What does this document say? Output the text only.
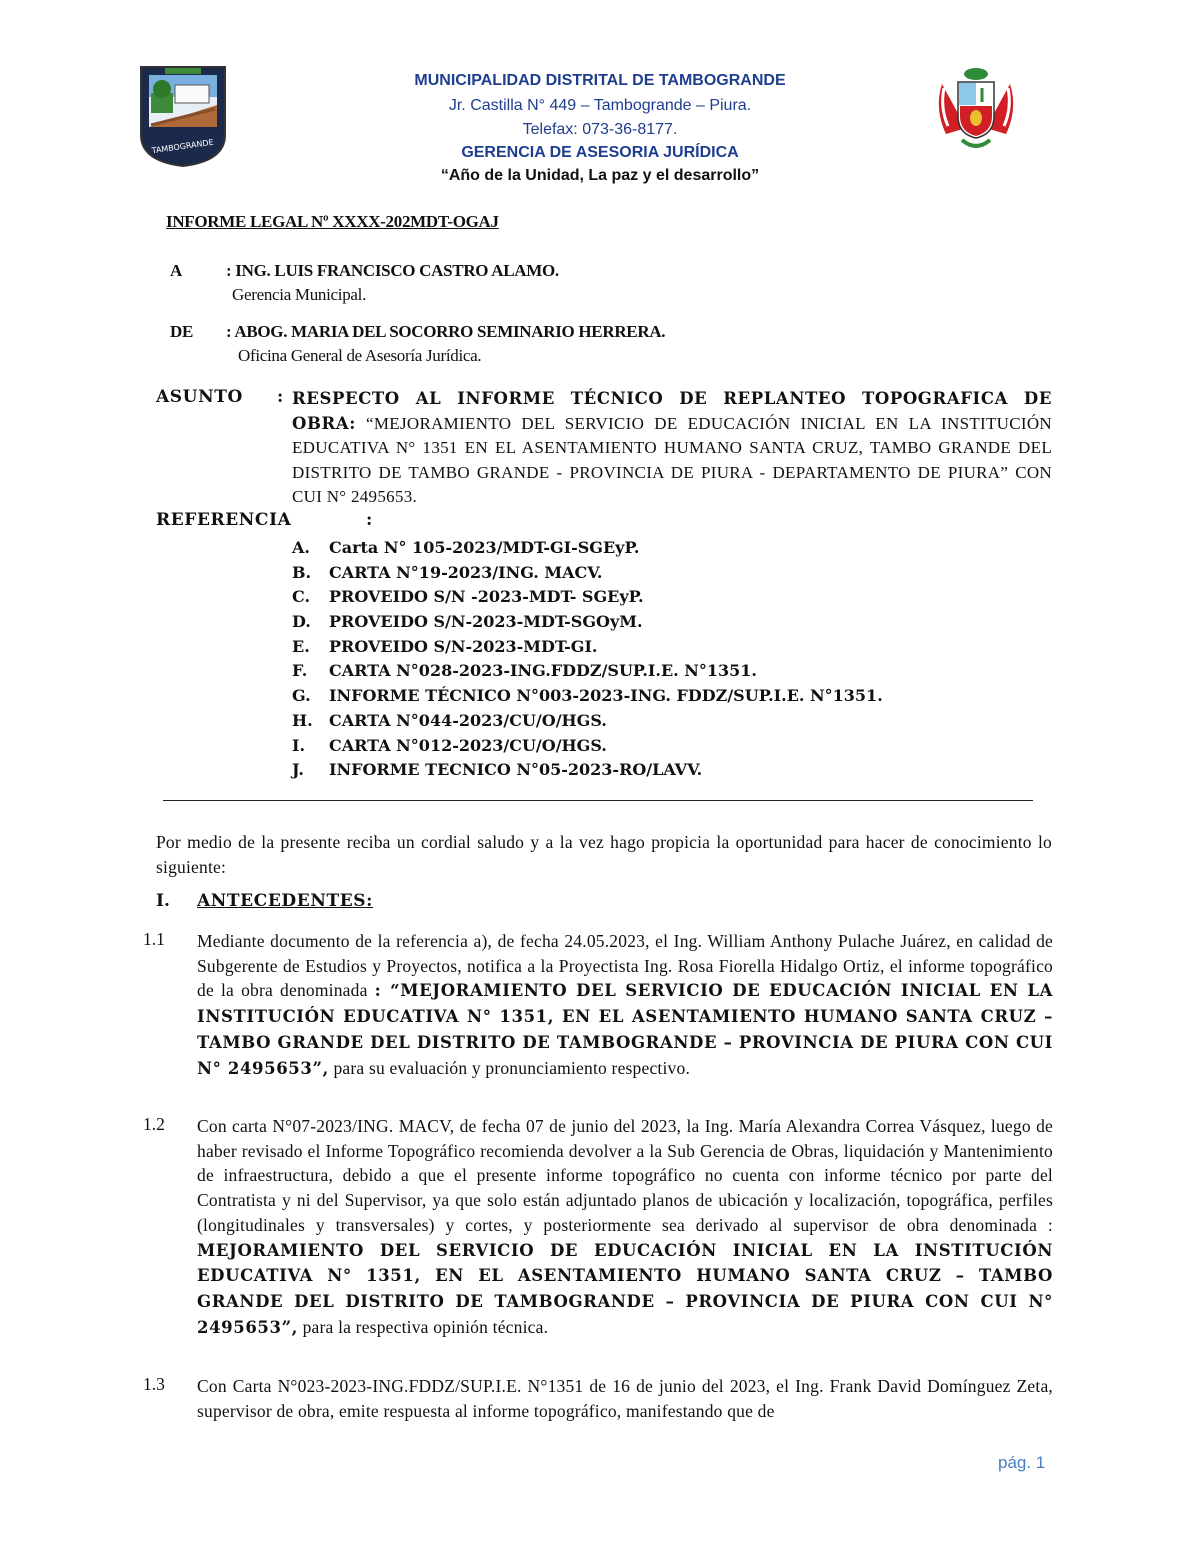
TAMBOGRANDE
MUNICIPALIDAD DISTRITAL DE TAMBOGRANDE
Jr. Castilla N° 449 – Tambogrande – Piura.
Telefax: 073-36-8177.
GERENCIA DE ASESORIA JURÍDICA
“Año de la Unidad, La paz y el desarrollo”
INFORME LEGAL Nº XXXX-202MDT-OGAJ
A	: ING. LUIS FRANCISCO CASTRO ALAMO.
Gerencia Municipal.
DE : ABOG. MARIA DEL SOCORRO SEMINARIO HERRERA.
Oficina General de Asesoría Jurídica.
ASUNTO : RESPECTO AL INFORME TÉCNICO DE REPLANTEO TOPOGRAFICA DE OBRA: “MEJORAMIENTO DEL SERVICIO DE EDUCACIÓN INICIAL EN LA INSTITUCIÓN EDUCATIVA N° 1351 EN EL ASENTAMIENTO HUMANO SANTA CRUZ, TAMBO GRANDE DEL DISTRITO DE TAMBO GRANDE - PROVINCIA DE PIURA - DEPARTAMENTO DE PIURA” CON CUI N° 2495653.
REFERENCIA	:
A. Carta N° 105-2023/MDT-GI-SGEyP.
B. CARTA N°19-2023/ING. MACV.
C. PROVEIDO S/N -2023-MDT- SGEyP.
D. PROVEIDO S/N-2023-MDT-SGOyM.
E. PROVEIDO S/N-2023-MDT-GI.
F. CARTA N°028-2023-ING.FDDZ/SUP.I.E. N°1351.
G. INFORME TÉCNICO N°003-2023-ING. FDDZ/SUP.I.E. N°1351.
H. CARTA N°044-2023/CU/O/HGS.
I. CARTA N°012-2023/CU/O/HGS.
J. INFORME TECNICO N°05-2023-RO/LAVV.
Por medio de la presente reciba un cordial saludo y a la vez hago propicia la oportunidad para hacer de conocimiento lo siguiente:
I. ANTECEDENTES:
1.1 Mediante documento de la referencia a), de fecha 24.05.2023, el Ing. William Anthony Pulache Juárez, en calidad de Subgerente de Estudios y Proyectos, notifica a la Proyectista Ing. Rosa Fiorella Hidalgo Ortiz, el informe topográfico de la obra denominada : “MEJORAMIENTO DEL SERVICIO DE EDUCACIÓN INICIAL EN LA INSTITUCIÓN EDUCATIVA N° 1351, EN EL ASENTAMIENTO HUMANO SANTA CRUZ – TAMBO GRANDE DEL DISTRITO DE TAMBOGRANDE – PROVINCIA DE PIURA CON CUI N° 2495653”, para su evaluación y pronunciamiento respectivo.
1.2 Con carta N°07-2023/ING. MACV, de fecha 07 de junio del 2023, la Ing. María Alexandra Correa Vásquez, luego de haber revisado el Informe Topográfico recomienda devolver a la Sub Gerencia de Obras, liquidación y Mantenimiento de infraestructura, debido a que el presente informe topográfico no cuenta con informe técnico por parte del Contratista y ni del Supervisor, ya que solo están adjuntado planos de ubicación y localización, topográfica, perfiles (longitudinales y transversales) y cortes, y posteriormente sea derivado al supervisor de obra denominada : MEJORAMIENTO DEL SERVICIO DE EDUCACIÓN INICIAL EN LA INSTITUCIÓN EDUCATIVA N° 1351, EN EL ASENTAMIENTO HUMANO SANTA CRUZ – TAMBO GRANDE DEL DISTRITO DE TAMBOGRANDE – PROVINCIA DE PIURA CON CUI N° 2495653”, para la respectiva opinión técnica.
1.3 Con Carta N°023-2023-ING.FDDZ/SUP.I.E. N°1351 de 16 de junio del 2023, el Ing. Frank David Domínguez Zeta, supervisor de obra, emite respuesta al informe topográfico, manifestando que de
pág. 1
